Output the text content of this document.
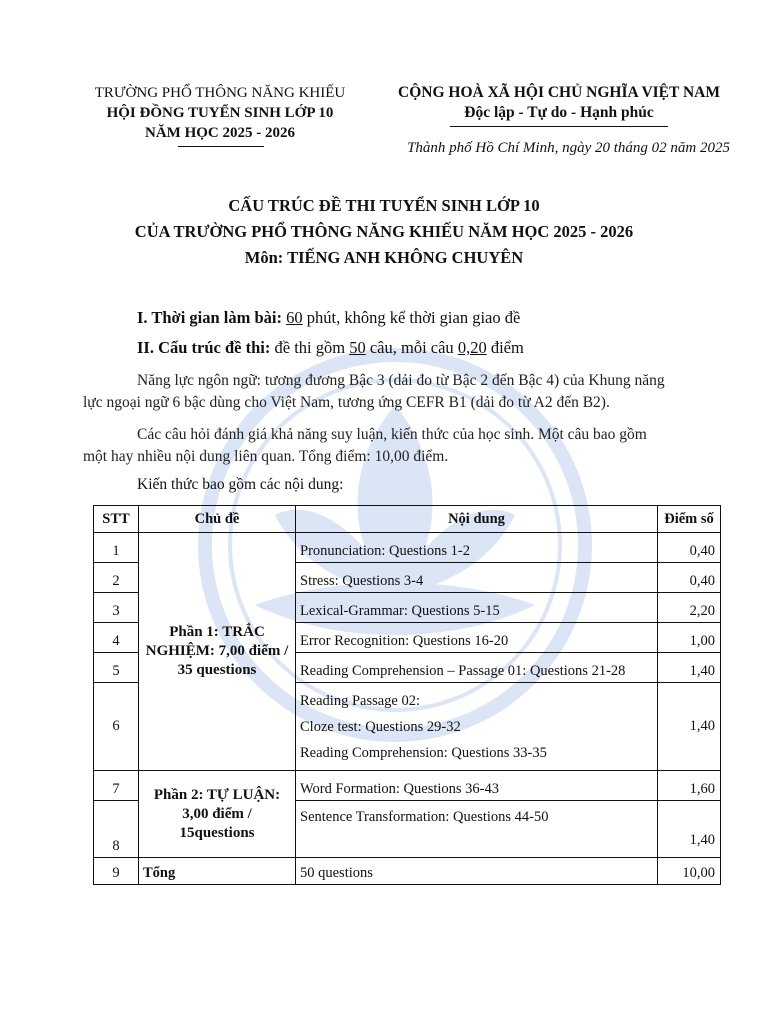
TRƯỜNG PHỔ THÔNG NĂNG KHIẾU
HỘI ĐỒNG TUYỂN SINH LỚP 10
NĂM HỌC 2025 - 2026
CỘNG HOÀ XÃ HỘI CHỦ NGHĨA VIỆT NAM
Độc lập - Tự do - Hạnh phúc
Thành phố Hồ Chí Minh, ngày 20 tháng 02 năm 2025
CẤU TRÚC ĐỀ THI TUYỂN SINH LỚP 10
CỦA TRƯỜNG PHỔ THÔNG NĂNG KHIẾU NĂM HỌC 2025 - 2026
Môn: TIẾNG ANH KHÔNG CHUYÊN
I. Thời gian làm bài: 60 phút, không kể thời gian giao đề
II. Cấu trúc đề thi: đề thi gồm 50 câu, mỗi câu 0,20 điểm
Năng lực ngôn ngữ: tương đương Bậc 3 (dải đo từ Bậc 2 đến Bậc 4) của Khung năng
lực ngoại ngữ 6 bậc dùng cho Việt Nam, tương ứng CEFR B1 (dải đo từ A2 đến B2).
Các câu hỏi đánh giá khả năng suy luận, kiến thức của học sinh. Một câu bao gồm
một hay nhiều nội dung liên quan. Tổng điểm: 10,00 điểm.
Kiến thức bao gồm các nội dung:
STT	Chủ đề	Nội dung	Điểm số
1	Phần 1: TRẮC NGHIỆM: 7,00 điểm / 35 questions	Pronunciation: Questions 1-2	0,40
2		Stress: Questions 3-4	0,40
3		Lexical-Grammar: Questions 5-15	2,20
4		Error Recognition: Questions 16-20	1,00
5		Reading Comprehension – Passage 01: Questions 21-28	1,40
6		Reading Passage 02:
Cloze test: Questions 29-32
Reading Comprehension: Questions 33-35	1,40
7	Phần 2: TỰ LUẬN: 3,00 điểm / 15questions	Word Formation: Questions 36-43	1,60
8		Sentence Transformation: Questions 44-50	1,40
9	Tổng	50 questions	10,00
